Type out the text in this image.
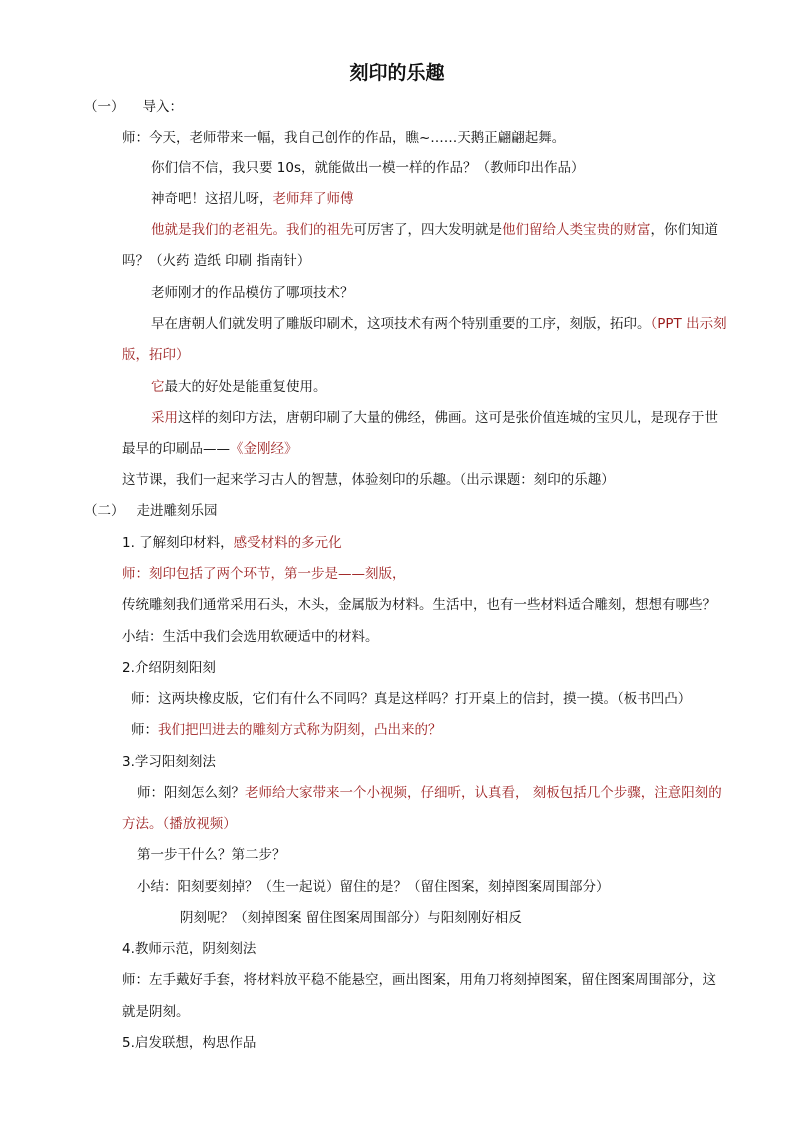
刻印的乐趣
（一） 导入：
师：今天，老师带来一幅，我自己创作的作品，瞧~……天鹅正翩翩起舞。
你们信不信，我只要 10s，就能做出一模一样的作品？（教师印出作品）
神奇吧！这招儿呀，老师拜了师傅
他就是我们的老祖先。我们的祖先可厉害了，四大发明就是他们留给人类宝贵的财富，你们知道
吗？（火药 造纸 印刷 指南针）
老师刚才的作品模仿了哪项技术？
早在唐朝人们就发明了雕版印刷术，这项技术有两个特别重要的工序，刻版，拓印。（PPT 出示刻
版，拓印）
它最大的好处是能重复使用。
采用这样的刻印方法，唐朝印刷了大量的佛经，佛画。这可是张价值连城的宝贝儿，是现存于世
最早的印刷品——《金刚经》
这节课，我们一起来学习古人的智慧，体验刻印的乐趣。（出示课题：刻印的乐趣）
（二） 走进雕刻乐园
1. 了解刻印材料，感受材料的多元化
师：刻印包括了两个环节，第一步是——刻版，
传统雕刻我们通常采用石头，木头，金属版为材料。生活中，也有一些材料适合雕刻，想想有哪些？
小结：生活中我们会选用软硬适中的材料。
2.介绍阴刻阳刻
师：这两块橡皮版，它们有什么不同吗？真是这样吗？打开桌上的信封，摸一摸。（板书凹凸）
师：我们把凹进去的雕刻方式称为阴刻，凸出来的？
3.学习阳刻刻法
师：阳刻怎么刻？老师给大家带来一个小视频，仔细听，认真看， 刻板包括几个步骤，注意阳刻的
方法。（播放视频）
第一步干什么？第二步？
小结：阳刻要刻掉？（生一起说）留住的是？（留住图案，刻掉图案周围部分）
阴刻呢？（刻掉图案 留住图案周围部分）与阳刻刚好相反
4.教师示范，阴刻刻法
师：左手戴好手套，将材料放平稳不能悬空，画出图案，用角刀将刻掉图案，留住图案周围部分，这
就是阴刻。
5.启发联想，构思作品
